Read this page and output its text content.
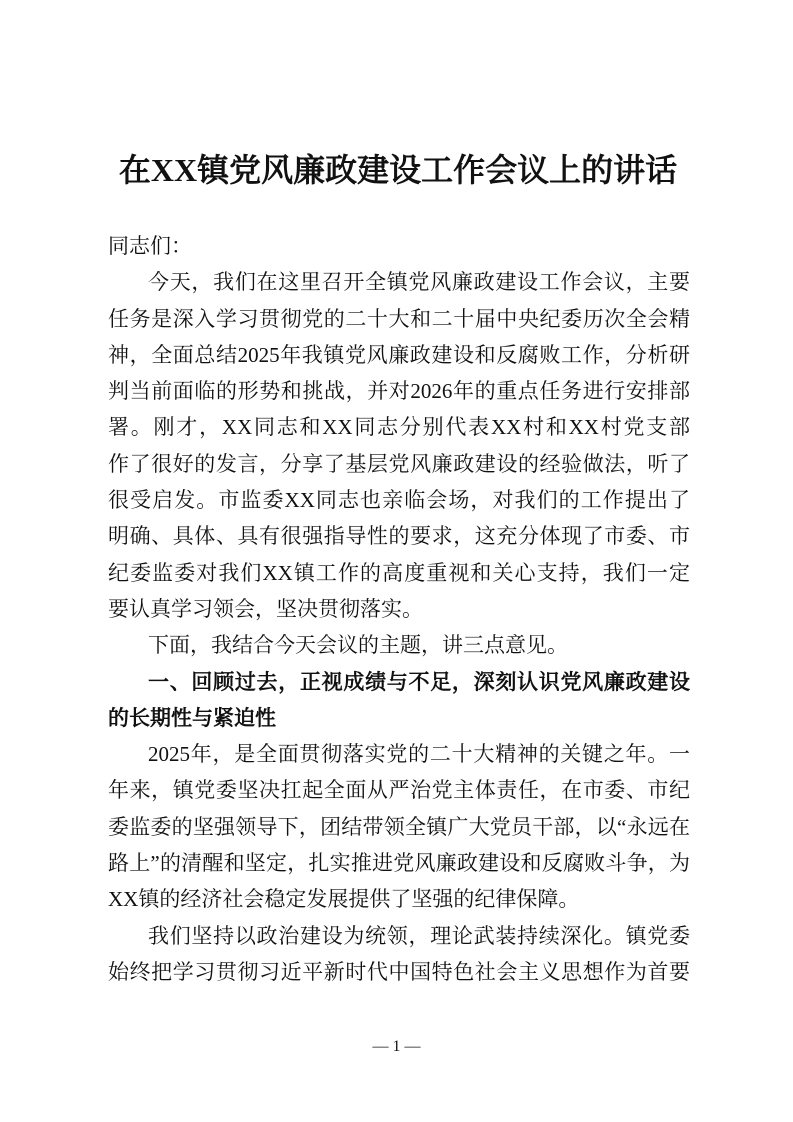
在XX镇党风廉政建设工作会议上的讲话
同志们：
今天，我们在这里召开全镇党风廉政建设工作会议，主要
任务是深入学习贯彻党的二十大和二十届中央纪委历次全会精
神，全面总结2025年我镇党风廉政建设和反腐败工作，分析研
判当前面临的形势和挑战，并对2026年的重点任务进行安排部
署。刚才，XX同志和XX同志分别代表XX村和XX村党支部
作了很好的发言，分享了基层党风廉政建设的经验做法，听了
很受启发。市监委XX同志也亲临会场，对我们的工作提出了
明确、具体、具有很强指导性的要求，这充分体现了市委、市
纪委监委对我们XX镇工作的高度重视和关心支持，我们一定
要认真学习领会，坚决贯彻落实。
下面，我结合今天会议的主题，讲三点意见。
一、回顾过去，正视成绩与不足，深刻认识党风廉政建设
的长期性与紧迫性
2025年，是全面贯彻落实党的二十大精神的关键之年。一
年来，镇党委坚决扛起全面从严治党主体责任，在市委、市纪
委监委的坚强领导下，团结带领全镇广大党员干部，以“永远在
路上”的清醒和坚定，扎实推进党风廉政建设和反腐败斗争，为
XX镇的经济社会稳定发展提供了坚强的纪律保障。
我们坚持以政治建设为统领，理论武装持续深化。镇党委
始终把学习贯彻习近平新时代中国特色社会主义思想作为首要
— 1 —
